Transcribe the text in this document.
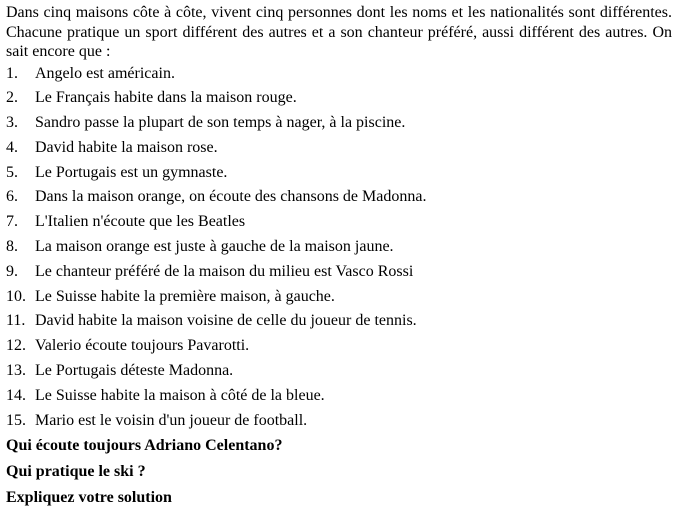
Dans cinq maisons côte à côte, vivent cinq personnes dont les noms et les nationalités sont différentes. Chacune pratique un sport différent des autres et a son chanteur préféré, aussi différent des autres. On sait encore que :

1.	Angelo est américain.
2.	Le Français habite dans la maison rouge.
3.	Sandro passe la plupart de son temps à nager, à la piscine.
4.	David habite la maison rose.
5.	Le Portugais est un gymnaste.
6.	Dans la maison orange, on écoute des chansons de Madonna.
7.	L'Italien n'écoute que les Beatles
8.	La maison orange est juste à gauche de la maison jaune.
9.	Le chanteur préféré de la maison du milieu est Vasco Rossi
10. Le Suisse habite la première maison, à gauche.
11. David habite la maison voisine de celle du joueur de tennis.
12. Valerio écoute toujours Pavarotti.
13. Le Portugais déteste Madonna.
14. Le Suisse habite la maison à côté de la bleue.
15. Mario est le voisin d'un joueur de football.

Qui écoute toujours Adriano Celentano?

Qui pratique le ski ?

Expliquez votre solution
